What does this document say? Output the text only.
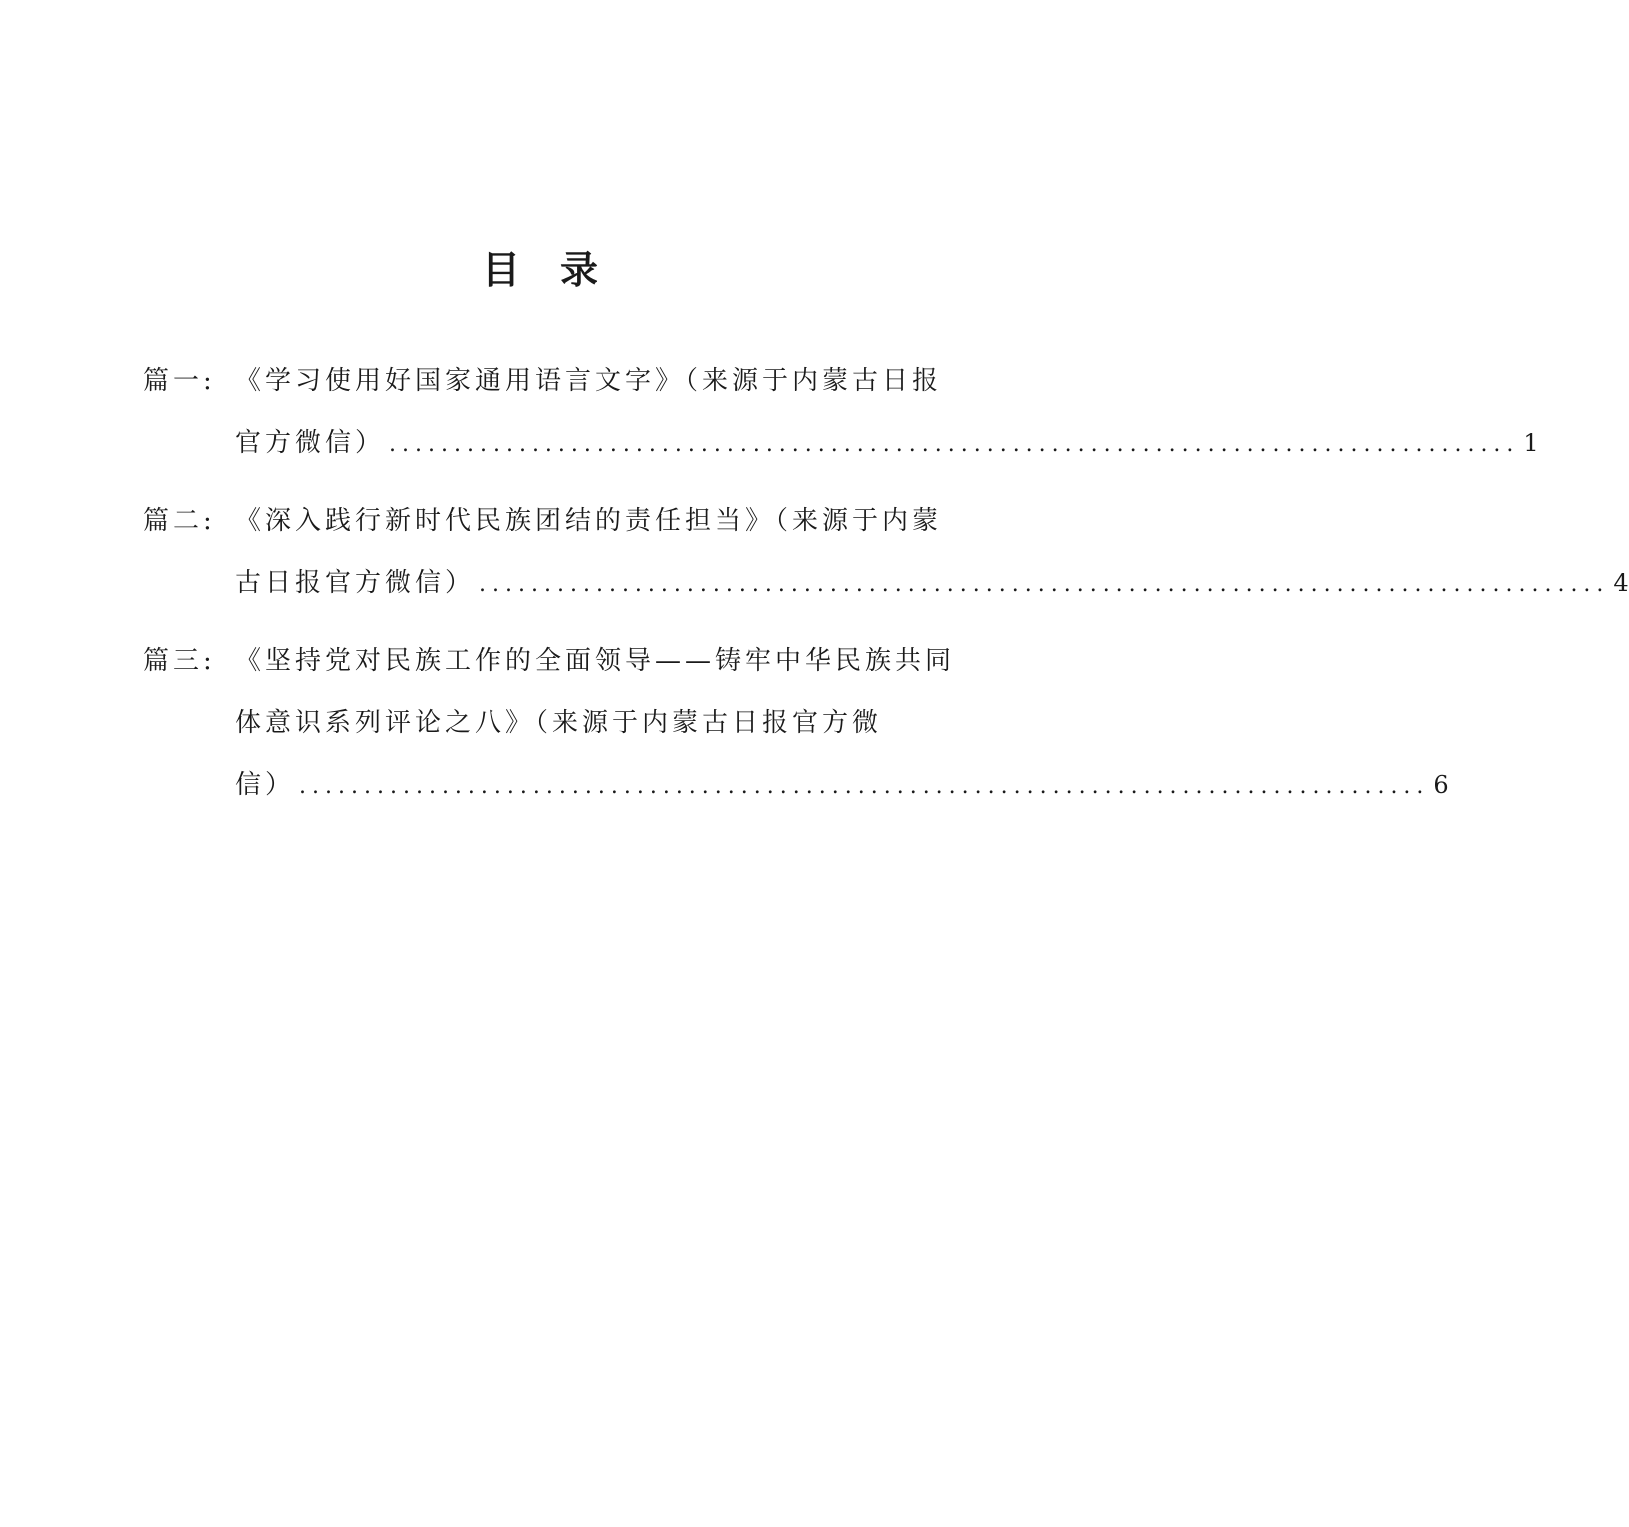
目 录
篇一: 《学习使用好国家通用语言文字》（来源于内蒙古日报
官方微信） ....................................................................................... 1
篇二: 《深入践行新时代民族团结的责任担当》（来源于内蒙
古日报官方微信） ....................................................................................... 4
篇三: 《坚持党对民族工作的全面领导——铸牢中华民族共同
体意识系列评论之八》（来源于内蒙古日报官方微
信） ....................................................................................... 6
